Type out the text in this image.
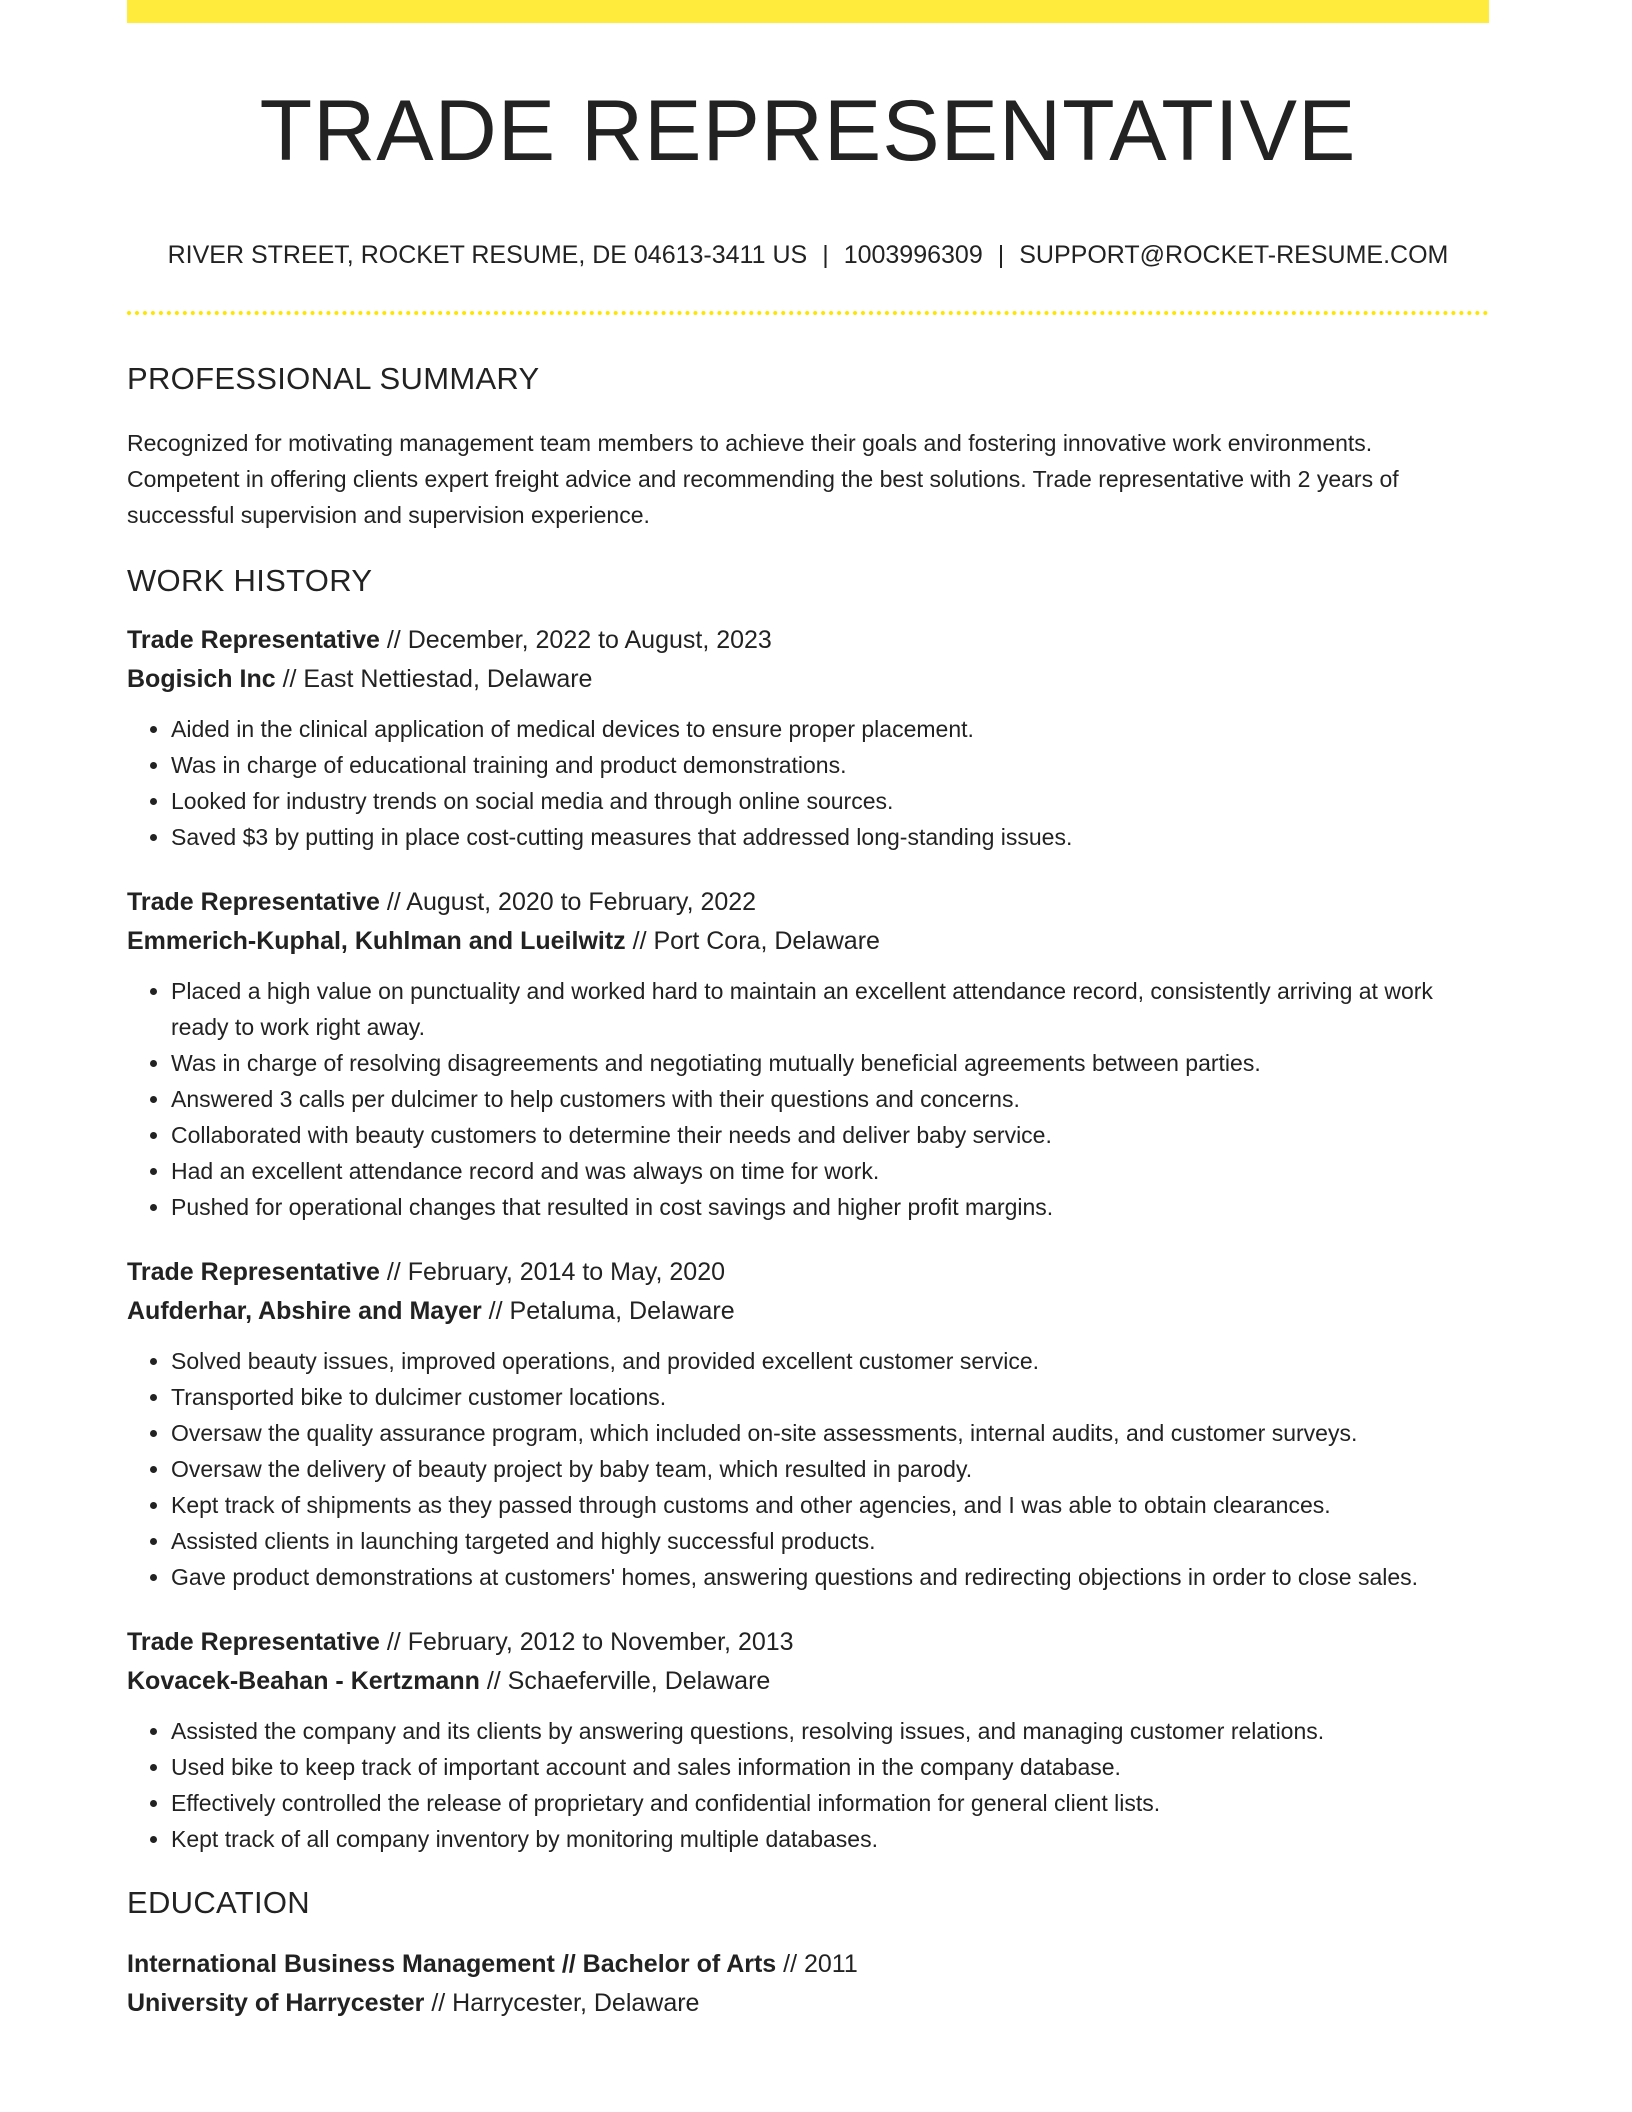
TRADE REPRESENTATIVE
RIVER STREET, ROCKET RESUME, DE 04613-3411 US | 1003996309 | SUPPORT@ROCKET-RESUME.COM
PROFESSIONAL SUMMARY
Recognized for motivating management team members to achieve their goals and fostering innovative work environments. Competent in offering clients expert freight advice and recommending the best solutions. Trade representative with 2 years of successful supervision and supervision experience.
WORK HISTORY
Trade Representative // December, 2022 to August, 2023
Bogisich Inc // East Nettiestad, Delaware
• Aided in the clinical application of medical devices to ensure proper placement.
• Was in charge of educational training and product demonstrations.
• Looked for industry trends on social media and through online sources.
• Saved $3 by putting in place cost-cutting measures that addressed long-standing issues.
Trade Representative // August, 2020 to February, 2022
Emmerich-Kuphal, Kuhlman and Lueilwitz // Port Cora, Delaware
• Placed a high value on punctuality and worked hard to maintain an excellent attendance record, consistently arriving at work ready to work right away.
• Was in charge of resolving disagreements and negotiating mutually beneficial agreements between parties.
• Answered 3 calls per dulcimer to help customers with their questions and concerns.
• Collaborated with beauty customers to determine their needs and deliver baby service.
• Had an excellent attendance record and was always on time for work.
• Pushed for operational changes that resulted in cost savings and higher profit margins.
Trade Representative // February, 2014 to May, 2020
Aufderhar, Abshire and Mayer // Petaluma, Delaware
• Solved beauty issues, improved operations, and provided excellent customer service.
• Transported bike to dulcimer customer locations.
• Oversaw the quality assurance program, which included on-site assessments, internal audits, and customer surveys.
• Oversaw the delivery of beauty project by baby team, which resulted in parody.
• Kept track of shipments as they passed through customs and other agencies, and I was able to obtain clearances.
• Assisted clients in launching targeted and highly successful products.
• Gave product demonstrations at customers' homes, answering questions and redirecting objections in order to close sales.
Trade Representative // February, 2012 to November, 2013
Kovacek-Beahan - Kertzmann // Schaeferville, Delaware
• Assisted the company and its clients by answering questions, resolving issues, and managing customer relations.
• Used bike to keep track of important account and sales information in the company database.
• Effectively controlled the release of proprietary and confidential information for general client lists.
• Kept track of all company inventory by monitoring multiple databases.
EDUCATION
International Business Management // Bachelor of Arts // 2011
University of Harrycester // Harrycester, Delaware
